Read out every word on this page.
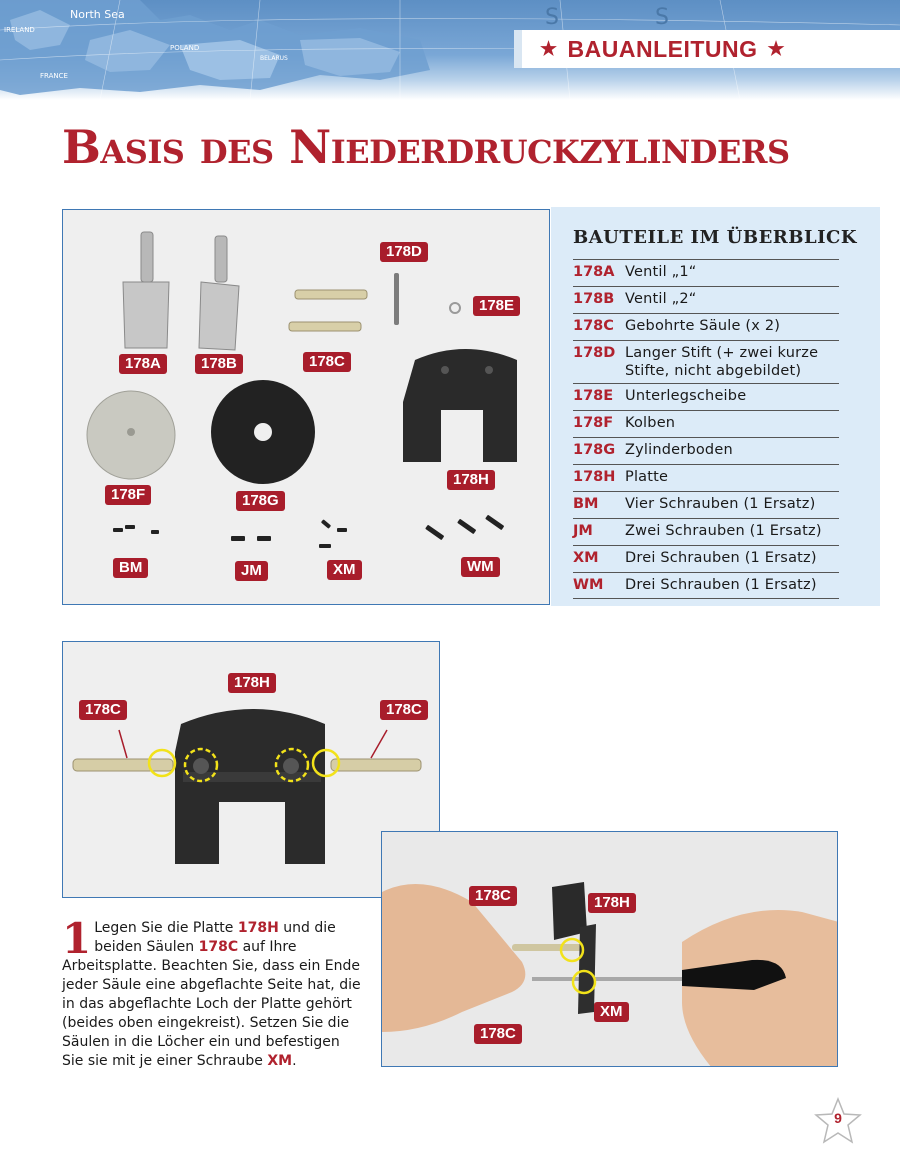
North Sea
POLAND
IRELAND
FRANCE
BELARUS
S	S
★ BAUANLEITUNG ★
Basis des Niederdruckzylinders
178A	178B	178C
178D
178E
178F	178G
178H
BM	JM	XM	WM
BAUTEILE IM ÜBERBLICK
178A Ventil „1“
178B Ventil „2“
178C Gebohrte Säule (x 2)
178D Langer Stift (+ zwei kurze Stifte, nicht abgebildet)
178E Unterlegscheibe
178F Kolben
178G Zylinderboden
178H Platte
BM	Vier Schrauben (1 Ersatz)
JM	Zwei Schrauben (1 Ersatz)
XM	Drei Schrauben (1 Ersatz)
WM	Drei Schrauben (1 Ersatz)
178H
178C	178C
1 Legen Sie die Platte 178H und die beiden Säulen 178C auf Ihre Arbeitsplatte. Beachten Sie, dass ein Ende jeder Säule eine abgeflachte Seite hat, die in das abgeflachte Loch der Platte gehört (beides oben eingekreist). Setzen Sie die Säulen in die Löcher ein und befestigen Sie sie mit je einer Schraube XM.
178C	178H
XM
178C
9
